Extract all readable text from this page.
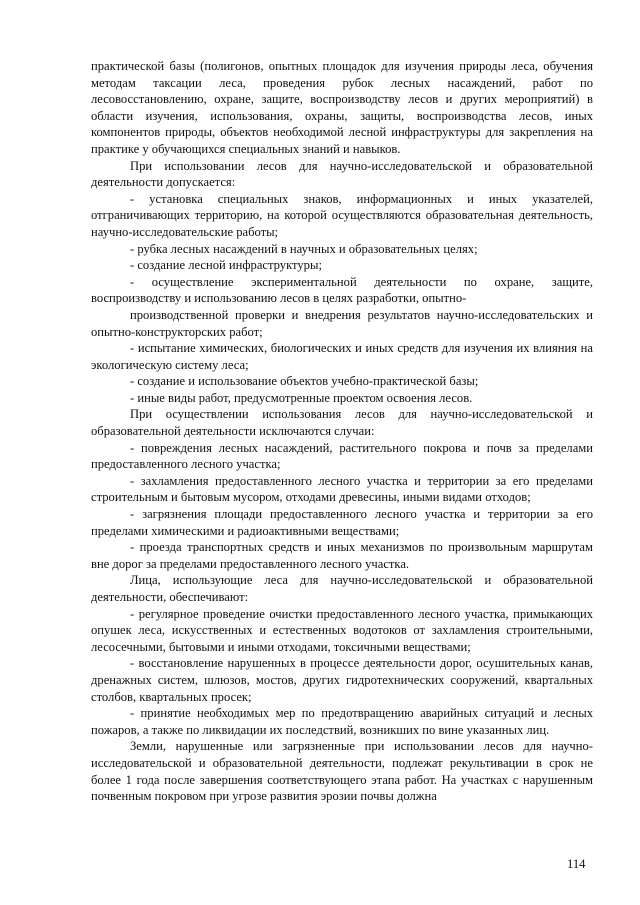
практической базы (полигонов, опытных площадок для изучения природы леса, обучения методам таксации леса, проведения рубок лесных насаждений, работ по лесовосстановлению, охране, защите, воспроизводству лесов и других мероприятий) в области изучения, использования, охраны, защиты, воспроизводства лесов, иных компонентов природы, объектов необходимой лесной инфраструктуры для закрепления на практике у обучающихся специальных знаний и навыков.

При использовании лесов для научно-исследовательской и образовательной деятельности допускается:

- установка специальных знаков, информационных и иных указателей, отграничивающих территорию, на которой осуществляются образовательная деятельность, научно-исследовательские работы;

- рубка лесных насаждений в научных и образовательных целях;

- создание лесной инфраструктуры;

- осуществление экспериментальной деятельности по охране, защите, воспроизводству и использованию лесов в целях разработки, опытно-

производственной проверки и внедрения результатов научно-исследовательских и опытно-конструкторских работ;

- испытание химических, биологических и иных средств для изучения их влияния на экологическую систему леса;

- создание и использование объектов учебно-практической базы;

- иные виды работ, предусмотренные проектом освоения лесов.

При осуществлении использования лесов для научно-исследовательской и образовательной деятельности исключаются случаи:

- повреждения лесных насаждений, растительного покрова и почв за пределами предоставленного лесного участка;

- захламления предоставленного лесного участка и территории за его пределами строительным и бытовым мусором, отходами древесины, иными видами отходов;

- загрязнения площади предоставленного лесного участка и территории за его пределами химическими и радиоактивными веществами;

- проезда транспортных средств и иных механизмов по произвольным маршрутам вне дорог за пределами предоставленного лесного участка.

Лица, использующие леса для научно-исследовательской и образовательной деятельности, обеспечивают:

- регулярное проведение очистки предоставленного лесного участка, примыкающих опушек леса, искусственных и естественных водотоков от захламления строительными, лесосечными, бытовыми и иными отходами, токсичными веществами;

- восстановление нарушенных в процессе деятельности дорог, осушительных канав, дренажных систем, шлюзов, мостов, других гидротехнических сооружений, квартальных столбов, квартальных просек;

- принятие необходимых мер по предотвращению аварийных ситуаций и лесных пожаров, а также по ликвидации их последствий, возникших по вине указанных лиц.

Земли, нарушенные или загрязненные при использовании лесов для научно-исследовательской и образовательной деятельности, подлежат рекультивации в срок не более 1 года после завершения соответствующего этапа работ. На участках с нарушенным почвенным покровом при угрозе развития эрозии почвы должна

114
